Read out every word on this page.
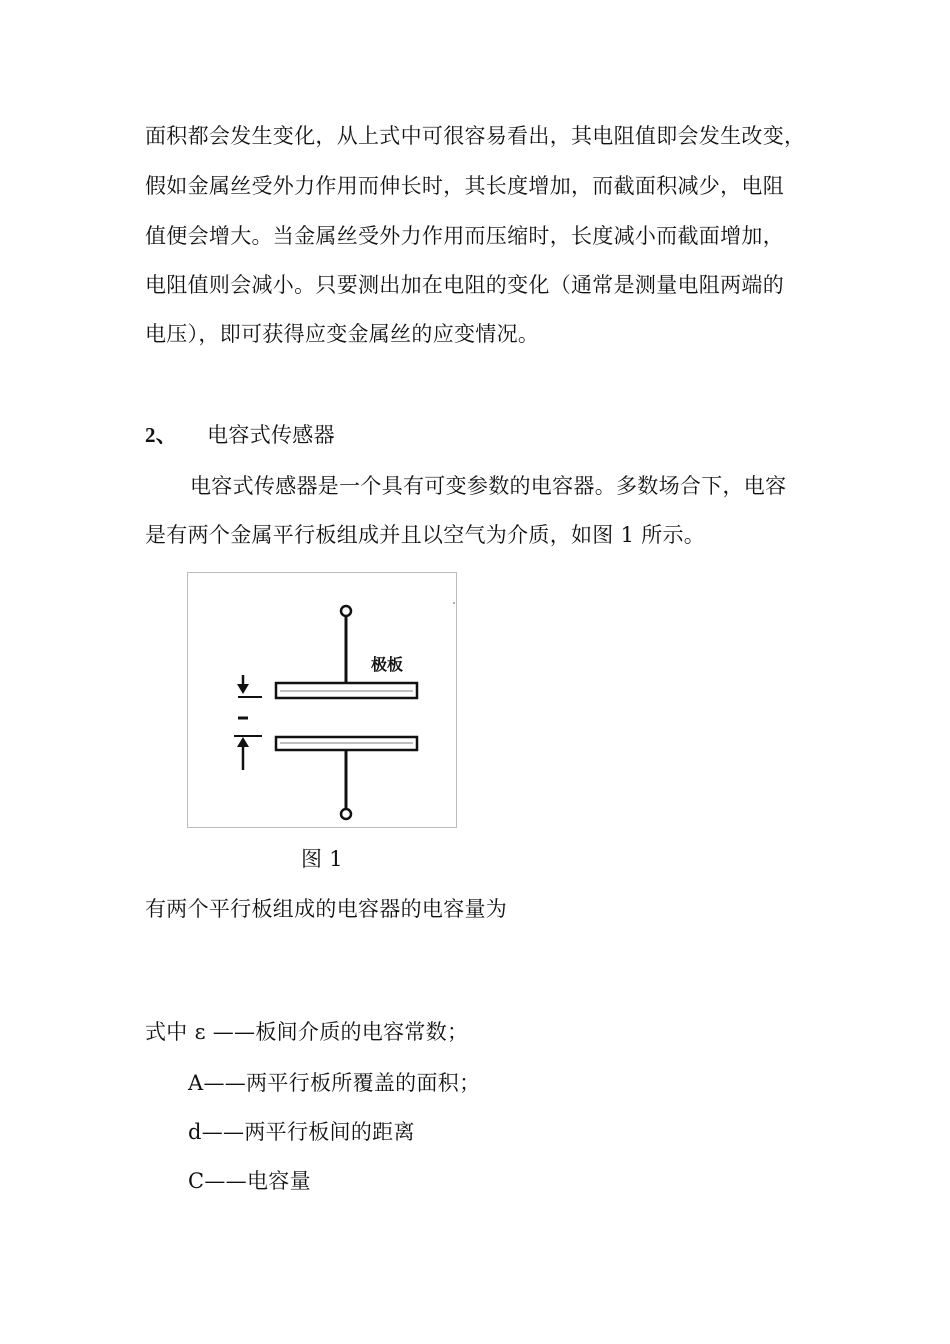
面积都会发生变化，从上式中可很容易看出，其电阻值即会发生改变，
假如金属丝受外力作用而伸长时，其长度增加，而截面积减少，电阻
值便会增大。当金属丝受外力作用而压缩时，长度减小而截面增加，
电阻值则会减小。只要测出加在电阻的变化（通常是测量电阻两端的
电压），即可获得应变金属丝的应变情况。
2、 电容式传感器
电容式传感器是一个具有可变参数的电容器。多数场合下，电容
是有两个金属平行板组成并且以空气为介质，如图 1 所示。
极板
图 1
有两个平行板组成的电容器的电容量为
式中 ε ——板间介质的电容常数；
A——两平行板所覆盖的面积；
d——两平行板间的距离
C——电容量
